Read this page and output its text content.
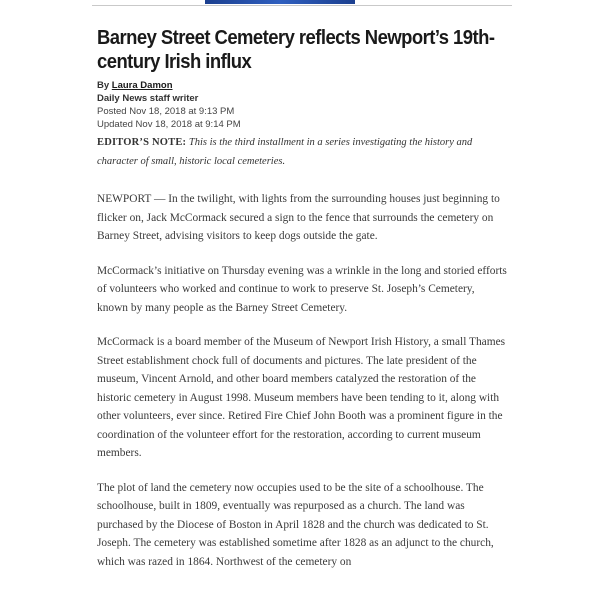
Barney Street Cemetery reflects Newport’s 19th-century Irish influx
By Laura Damon
Daily News staff writer
Posted Nov 18, 2018 at 9:13 PM
Updated Nov 18, 2018 at 9:14 PM
EDITOR’S NOTE: This is the third installment in a series investigating the history and character of small, historic local cemeteries.

NEWPORT — In the twilight, with lights from the surrounding houses just beginning to flicker on, Jack McCormack secured a sign to the fence that surrounds the cemetery on Barney Street, advising visitors to keep dogs outside the gate.

McCormack’s initiative on Thursday evening was a wrinkle in the long and storied efforts of volunteers who worked and continue to work to preserve St. Joseph’s Cemetery, known by many people as the Barney Street Cemetery.

McCormack is a board member of the Museum of Newport Irish History, a small Thames Street establishment chock full of documents and pictures. The late president of the museum, Vincent Arnold, and other board members catalyzed the restoration of the historic cemetery in August 1998. Museum members have been tending to it, along with other volunteers, ever since. Retired Fire Chief John Booth was a prominent figure in the coordination of the volunteer effort for the restoration, according to current museum members.

The plot of land the cemetery now occupies used to be the site of a schoolhouse. The schoolhouse, built in 1809, eventually was repurposed as a church. The land was purchased by the Diocese of Boston in April 1828 and the church was dedicated to St. Joseph. The cemetery was established sometime after 1828 as an adjunct to the church, which was razed in 1864. Northwest of the cemetery on
